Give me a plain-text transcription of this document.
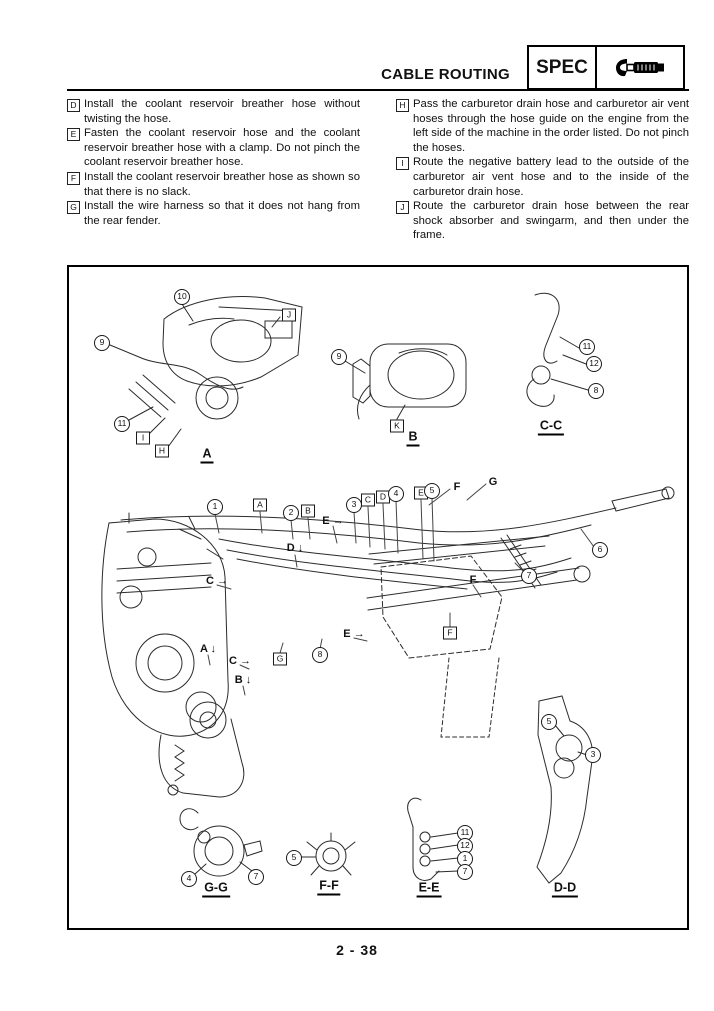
CABLE ROUTING	SPEC
D Install the coolant reservoir breather hose without twisting the hose.
E Fasten the coolant reservoir hose and the coolant reservoir breather hose with a clamp. Do not pinch the coolant reservoir breather hose.
F Install the coolant reservoir breather hose as shown so that there is no slack.
G Install the wire harness so that it does not hang from the rear fender.
H Pass the carburetor drain hose and carburetor air vent hoses through the hose guide on the engine from the left side of the machine in the order listed. Do not pinch the hoses.
I Route the negative battery lead to the outside of the carburetor air vent hose and to the inside of the carburetor drain hose.
J Route the carburetor drain hose between the rear shock absorber and swingarm, and then under the frame.
10
J
9
11
I
H	A
9
K
B
11
12
8
C-C
1	A
2	B
E →
3	C	D 4	E 5	F	G
D ↓
C →	7
6
F
E →	F
G	8
A ↓
C →
B ↓
4	7
G-G
5
F-F
11
12
1
7
E-E
5
3
D-D
2 - 38
